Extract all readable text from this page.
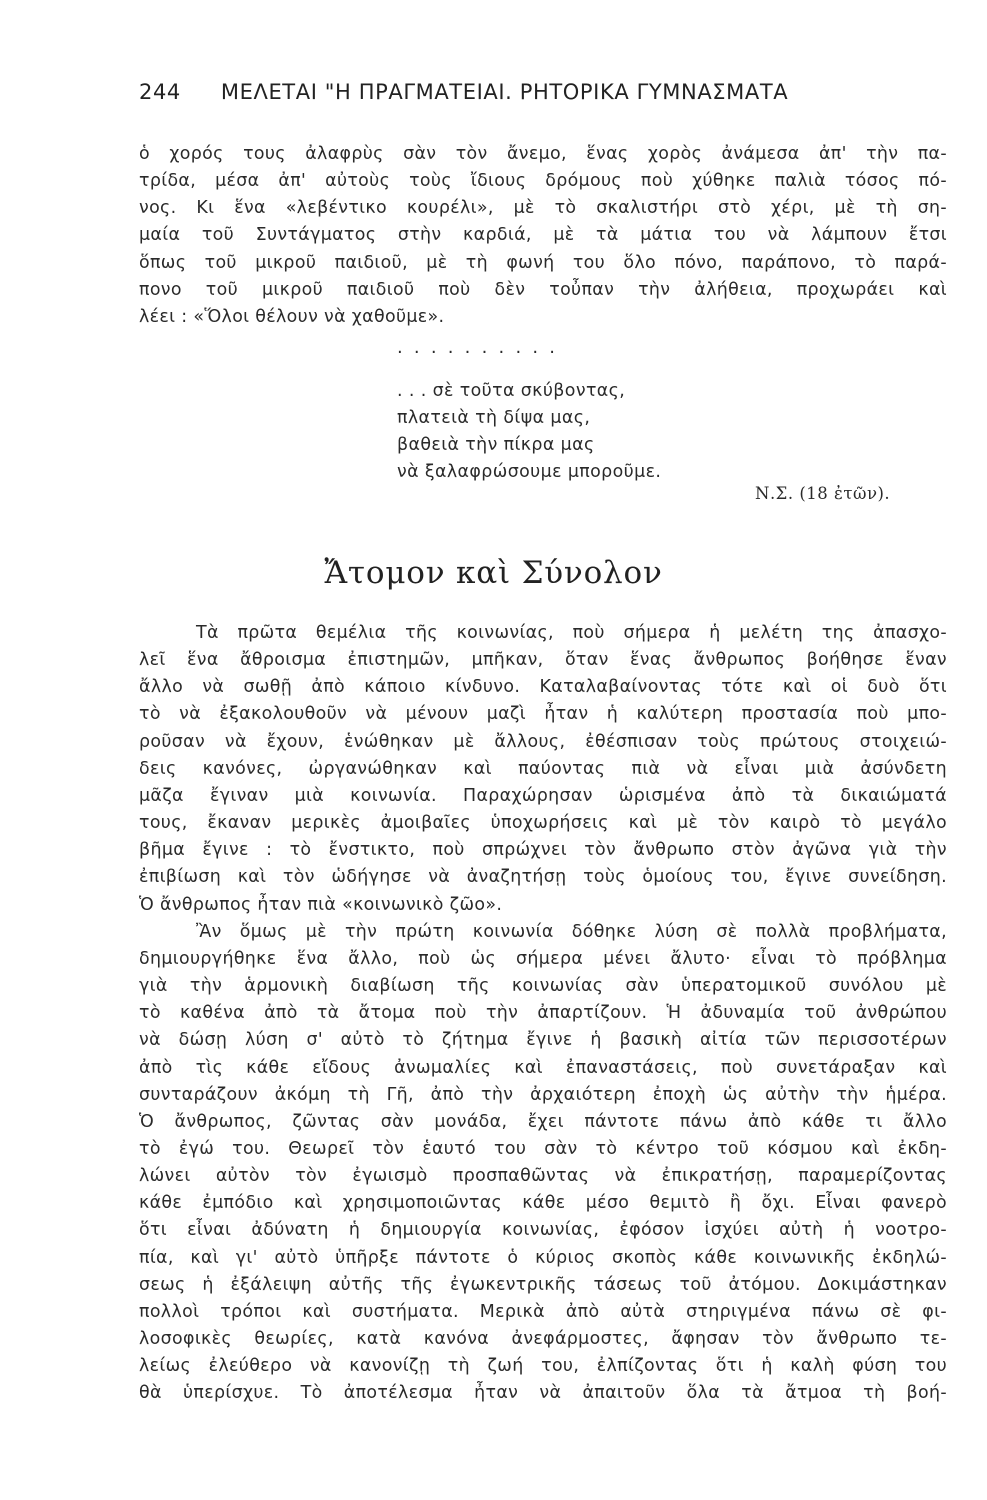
244 ΜΕΛΕΤΑΙ "Η ΠΡΑΓΜΑΤΕΙΑΙ. ΡΗΤΟΡΙΚΑ ΓΥΜΝΑΣΜΑΤΑ
ὁ χορός τους ἀλαφρὺς σὰν τὸν ἄνεμο, ἕνας χορὸς ἀνάμεσα ἀπ' τὴν πα-
τρίδα, μέσα ἀπ' αὐτοὺς τοὺς ἴδιους δρόμους ποὺ χύθηκε παλιὰ τόσος πό-
νος. Κι ἕνα «λεβέντικο κουρέλι», μὲ τὸ σκαλιστήρι στὸ χέρι, μὲ τὴ ση-
μαία τοῦ Συντάγματος στὴν καρδιά, μὲ τὰ μάτια του νὰ λάμπουν ἔτσι
ὅπως τοῦ μικροῦ παιδιοῦ, μὲ τὴ φωνή του ὅλο πόνο, παράπονο, τὸ παρά-
πονο τοῦ μικροῦ παιδιοῦ ποὺ δὲν τοὖπαν τὴν ἀλήθεια, προχωράει καὶ
λέει : «Ὅλοι θέλουν νὰ χαθοῦμε».
..........
. . . σὲ τοῦτα σκύβοντας,
πλατειὰ τὴ δίψα μας,
βαθειὰ τὴν πίκρα μας
νὰ ξαλαφρώσουμε μποροῦμε.
Ν.Σ. (18 ἐτῶν).
Ἄτομον καὶ Σύνολον
Τὰ πρῶτα θεμέλια τῆς κοινωνίας, ποὺ σήμερα ἡ μελέτη της ἀπασχο-
λεῖ ἕνα ἄθροισμα ἐπιστημῶν, μπῆκαν, ὅταν ἕνας ἄνθρωπος βοήθησε ἕναν
ἄλλο νὰ σωθῇ ἀπὸ κάποιο κίνδυνο. Καταλαβαίνοντας τότε καὶ οἱ δυὸ ὅτι
τὸ νὰ ἐξακολουθοῦν νὰ μένουν μαζὶ ἦταν ἡ καλύτερη προστασία ποὺ μπο-
ροῦσαν νὰ ἔχουν, ἑνώθηκαν μὲ ἄλλους, ἐθέσπισαν τοὺς πρώτους στοιχειώ-
δεις κανόνες, ὠργανώθηκαν καὶ παύοντας πιὰ νὰ εἶναι μιὰ ἀσύνδετη
μᾶζα ἔγιναν μιὰ κοινωνία. Παραχώρησαν ὡρισμένα ἀπὸ τὰ δικαιώματά
τους, ἔκαναν μερικὲς ἀμοιβαῖες ὑποχωρήσεις καὶ μὲ τὸν καιρὸ τὸ μεγάλο
βῆμα ἔγινε : τὸ ἔνστικτο, ποὺ σπρώχνει τὸν ἄνθρωπο στὸν ἀγῶνα γιὰ τὴν
ἐπιβίωση καὶ τὸν ὡδήγησε νὰ ἀναζητήσῃ τοὺς ὁμοίους του, ἔγινε συνείδηση.
Ὁ ἄνθρωπος ἦταν πιὰ «κοινωνικὸ ζῶο».
Ἂν ὅμως μὲ τὴν πρώτη κοινωνία δόθηκε λύση σὲ πολλὰ προβλήματα,
δημιουργήθηκε ἕνα ἄλλο, ποὺ ὡς σήμερα μένει ἄλυτο· εἶναι τὸ πρόβλημα
γιὰ τὴν ἁρμονικὴ διαβίωση τῆς κοινωνίας σὰν ὑπερατομικοῦ συνόλου μὲ
τὸ καθένα ἀπὸ τὰ ἄτομα ποὺ τὴν ἀπαρτίζουν. Ἡ ἀδυναμία τοῦ ἀνθρώπου
νὰ δώσῃ λύση σ' αὐτὸ τὸ ζήτημα ἔγινε ἡ βασικὴ αἰτία τῶν περισσοτέρων
ἀπὸ τὶς κάθε εἴδους ἀνωμαλίες καὶ ἐπαναστάσεις, ποὺ συνετάραξαν καὶ
συνταράζουν ἀκόμη τὴ Γῆ, ἀπὸ τὴν ἀρχαιότερη ἐποχὴ ὡς αὐτὴν τὴν ἡμέρα.
Ὁ ἄνθρωπος, ζῶντας σὰν μονάδα, ἔχει πάντοτε πάνω ἀπὸ κάθε τι ἄλλο
τὸ ἐγώ του. Θεωρεῖ τὸν ἑαυτό του σὰν τὸ κέντρο τοῦ κόσμου καὶ ἐκδη-
λώνει αὐτὸν τὸν ἐγωισμὸ προσπαθῶντας νὰ ἐπικρατήσῃ, παραμερίζοντας
κάθε ἐμπόδιο καὶ χρησιμοποιῶντας κάθε μέσο θεμιτὸ ἢ ὄχι. Εἶναι φανερὸ
ὅτι εἶναι ἀδύνατη ἡ δημιουργία κοινωνίας, ἐφόσον ἰσχύει αὐτὴ ἡ νοοτρο-
πία, καὶ γι' αὐτὸ ὑπῆρξε πάντοτε ὁ κύριος σκοπὸς κάθε κοινωνικῆς ἐκδηλώ-
σεως ἡ ἐξάλειψη αὐτῆς τῆς ἐγωκεντρικῆς τάσεως τοῦ ἀτόμου. Δοκιμάστηκαν
πολλοὶ τρόποι καὶ συστήματα. Μερικὰ ἀπὸ αὐτὰ στηριγμένα πάνω σὲ φι-
λοσοφικὲς θεωρίες, κατὰ κανόνα ἀνεφάρμοστες, ἄφησαν τὸν ἄνθρωπο τε-
λείως ἐλεύθερο νὰ κανονίζῃ τὴ ζωή του, ἐλπίζοντας ὅτι ἡ καλὴ φύση του
θὰ ὑπερίσχυε. Τὸ ἀποτέλεσμα ἦταν νὰ ἀπαιτοῦν ὅλα τὰ ἄτμοα τὴ βοή-
